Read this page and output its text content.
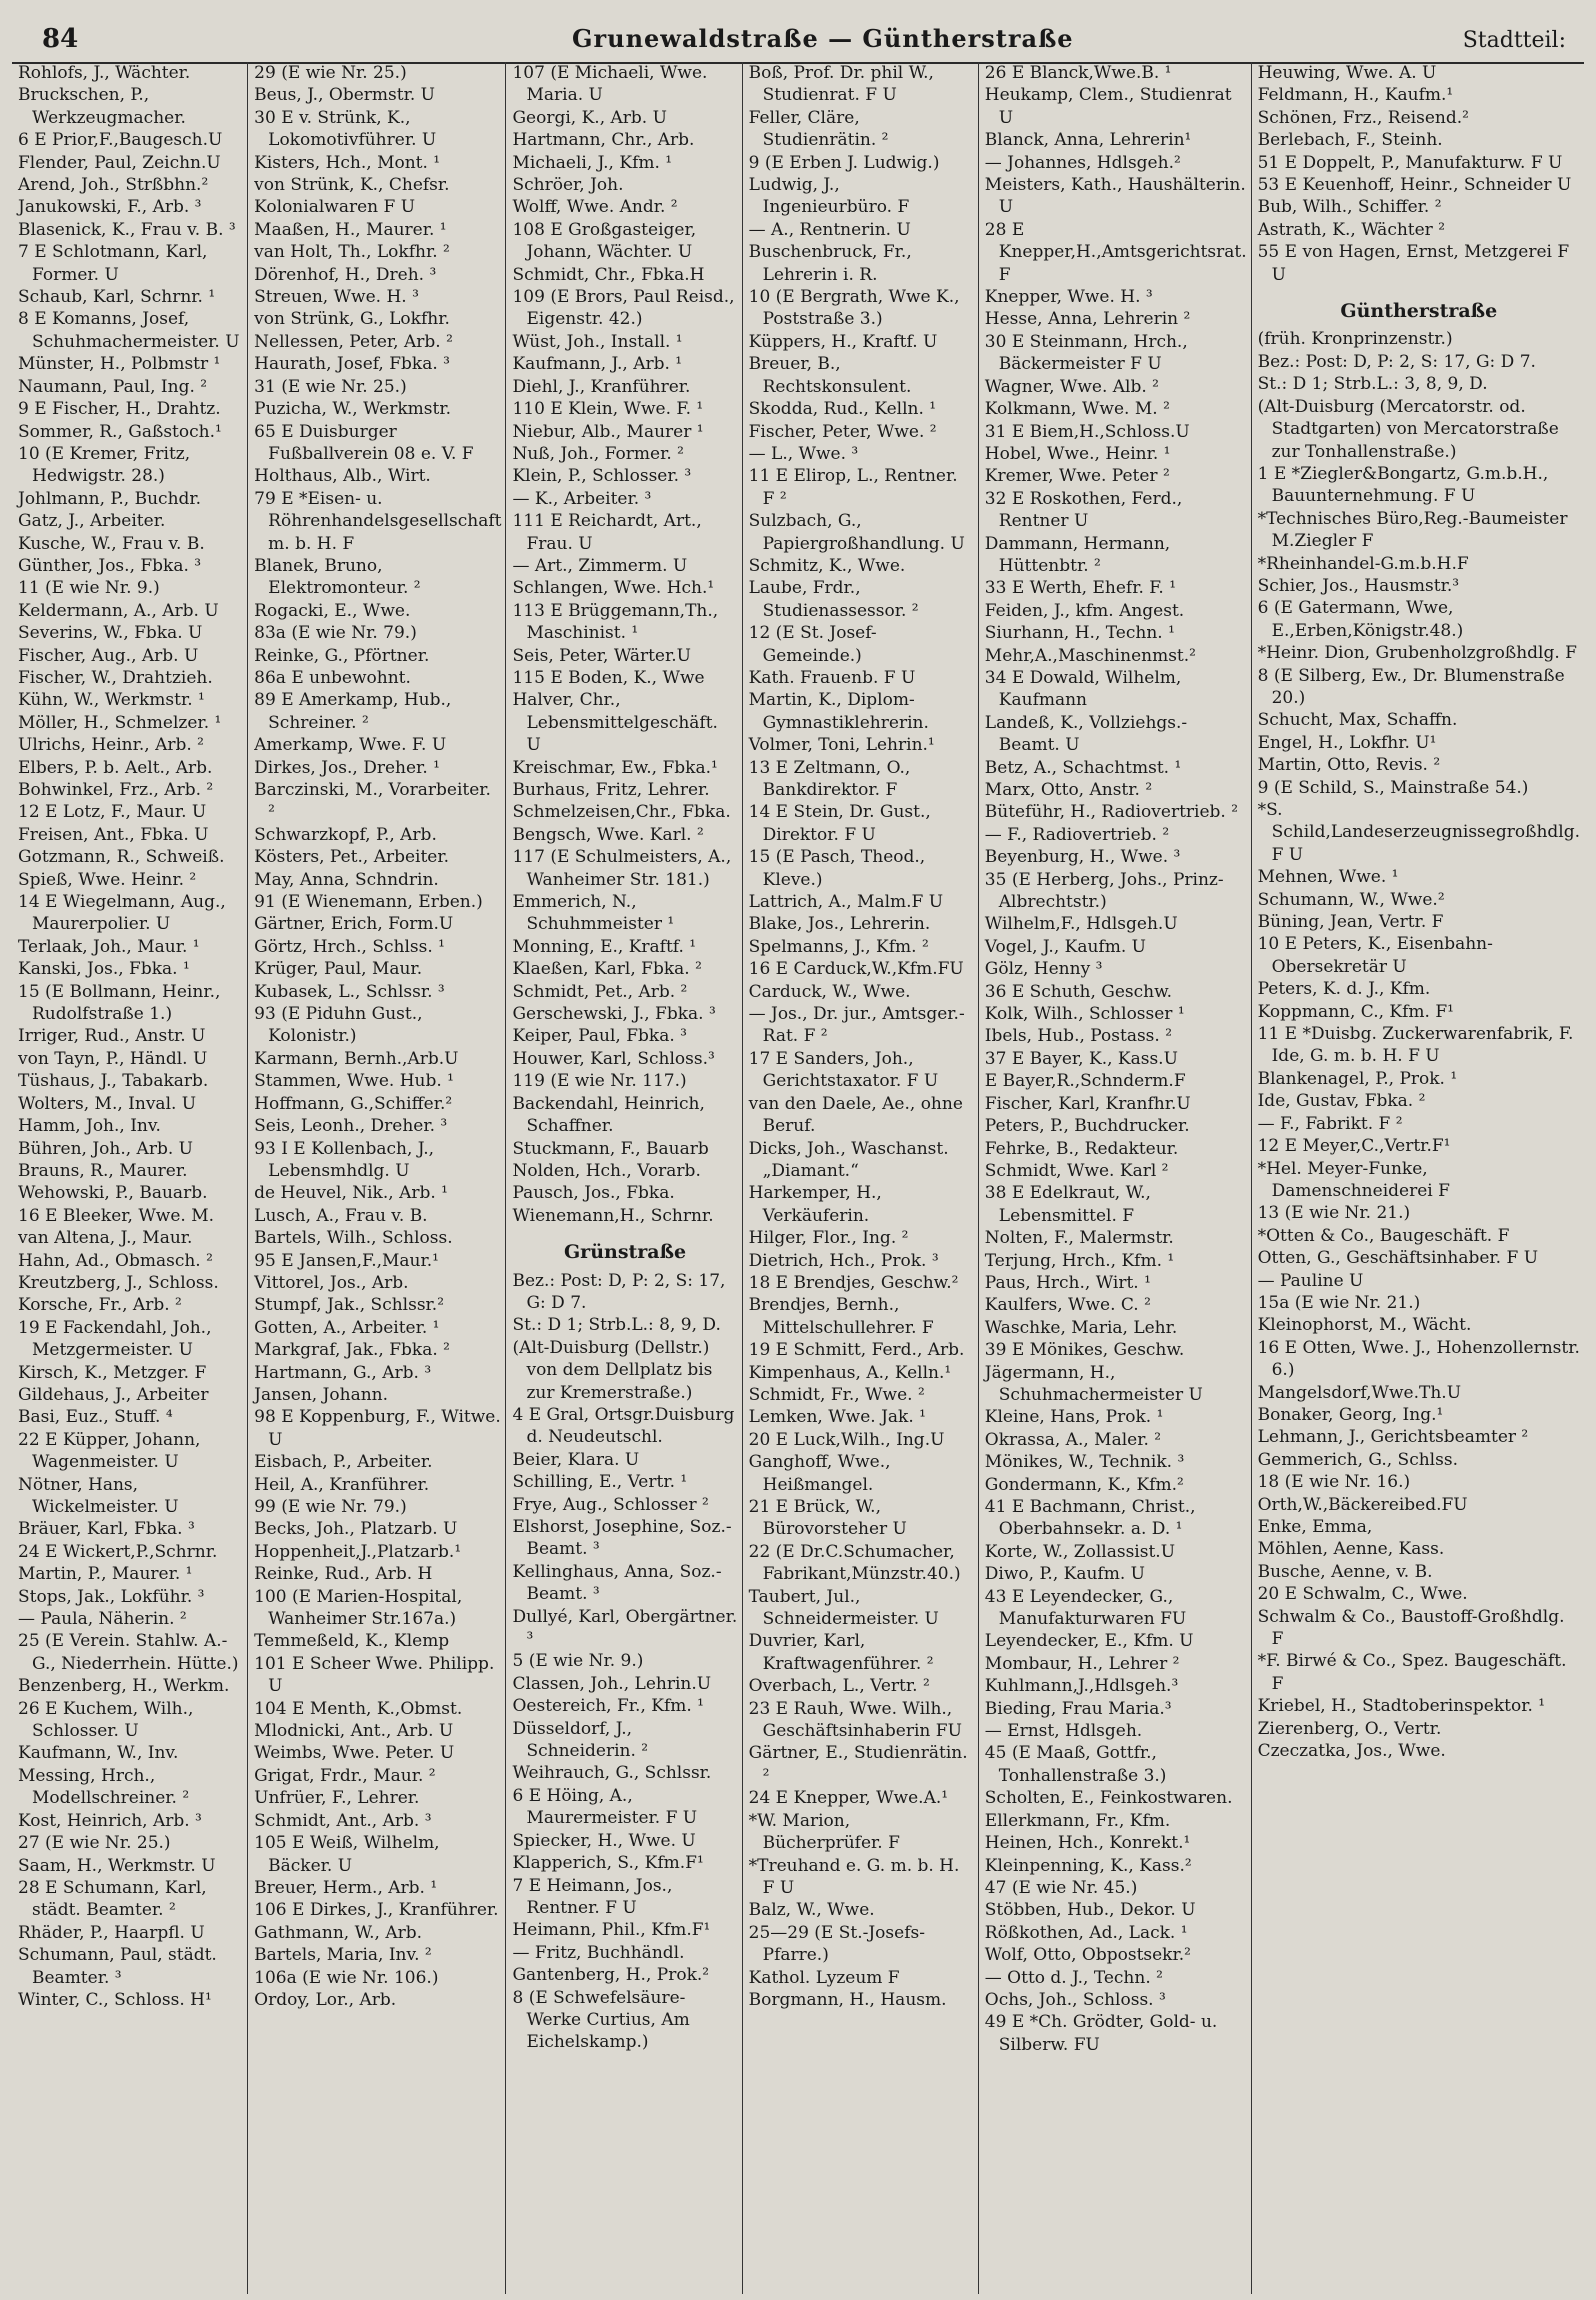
84	Grunewaldstraße — Güntherstraße	Stadtteil:

Rohlofs, J., Wächter.

Bruckschen, P., Werkzeugmacher.

6 E Prior,F.,Baugesch.U

Flender, Paul, Zeichn.U

Arend, Joh., Strßbhn.²

Janukowski, F., Arb. ³

Blasenick, K., Frau v. B. ³

7 E Schlotmann, Karl, Former. U

Schaub, Karl, Schrnr. ¹

8 E Komanns, Josef, Schuhmachermeister. U

Münster, H., Polbmstr ¹

Naumann, Paul, Ing. ²

9 E Fischer, H., Drahtz.

Sommer, R., Gaßstoch.¹

10 (E Kremer, Fritz, Hedwigstr. 28.)

Johlmann, P., Buchdr.

Gatz, J., Arbeiter.

Kusche, W., Frau v. B.

Günther, Jos., Fbka. ³

11 (E wie Nr. 9.)

Keldermann, A., Arb. U

Severins, W., Fbka. U

Fischer, Aug., Arb. U

Fischer, W., Drahtzieh.

Kühn, W., Werkmstr. ¹

Möller, H., Schmelzer. ¹

Ulrichs, Heinr., Arb. ²

Elbers, P. b. Aelt., Arb.

Bohwinkel, Frz., Arb. ²

12 E Lotz, F., Maur. U

Freisen, Ant., Fbka. U

Gotzmann, R., Schweiß.

Spieß, Wwe. Heinr. ²

14 E Wiegelmann, Aug., Maurerpolier. U

Terlaak, Joh., Maur. ¹

Kanski, Jos., Fbka. ¹

15 (E Bollmann, Heinr., Rudolfstraße 1.)

Irriger, Rud., Anstr. U

von Tayn, P., Händl. U

Tüshaus, J., Tabakarb.

Wolters, M., Inval. U

Hamm, Joh., Inv.

Bühren, Joh., Arb. U

Brauns, R., Maurer.

Wehowski, P., Bauarb.

16 E Bleeker, Wwe. M.

van Altena, J., Maur.

Hahn, Ad., Obmasch. ²

Kreutzberg, J., Schloss.

Korsche, Fr., Arb. ²

19 E Fackendahl, Joh., Metzgermeister. U

Kirsch, K., Metzger. F

Gildehaus, J., Arbeiter

Basi, Euz., Stuff. ⁴

22 E Küpper, Johann, Wagenmeister. U

Nötner, Hans, Wickelmeister. U

Bräuer, Karl, Fbka. ³

24 E Wickert,P.,Schrnr.

Martin, P., Maurer. ¹

Stops, Jak., Lokführ. ³

— Paula, Näherin. ²

25 (E Verein. Stahlw. A.-G., Niederrhein. Hütte.)

Benzenberg, H., Werkm.

26 E Kuchem, Wilh., Schlosser. U

Kaufmann, W., Inv.

Messing, Hrch., Modellschreiner. ²

Kost, Heinrich, Arb. ³

27 (E wie Nr. 25.)

Saam, H., Werkmstr. U

28 E Schumann, Karl, städt. Beamter. ²

Rhäder, P., Haarpfl. U

Schumann, Paul, städt. Beamter. ³

Winter, C., Schloss. H¹

29 (E wie Nr. 25.)

Beus, J., Obermstr. U

30 E v. Strünk, K., Lokomotivführer. U

Kisters, Hch., Mont. ¹

von Strünk, K., Chefsr.

Kolonialwaren F U

Maaßen, H., Maurer. ¹

van Holt, Th., Lokfhr. ²

Dörenhof, H., Dreh. ³

Streuen, Wwe. H. ³

von Strünk, G., Lokfhr.

Nellessen, Peter, Arb. ²

Haurath, Josef, Fbka. ³

31 (E wie Nr. 25.)

Puzicha, W., Werkmstr.

65 E Duisburger Fußballverein 08 e. V. F

Holthaus, Alb., Wirt.

79 E *Eisen- u. Röhrenhandelsgesellschaft m. b. H. F

Blanek, Bruno, Elektromonteur. ²

Rogacki, E., Wwe.

83a (E wie Nr. 79.)

Reinke, G., Pförtner.

86a E unbewohnt.

89 E Amerkamp, Hub., Schreiner. ²

Amerkamp, Wwe. F. U

Dirkes, Jos., Dreher. ¹

Barczinski, M., Vorarbeiter. ²

Schwarzkopf, P., Arb.

Kösters, Pet., Arbeiter.

May, Anna, Schndrin.

91 (E Wienemann, Erben.)

Gärtner, Erich, Form.U

Görtz, Hrch., Schlss. ¹

Krüger, Paul, Maur.

Kubasek, L., Schlssr. ³

93 (E Piduhn Gust., Kolonistr.)

Karmann, Bernh.,Arb.U

Stammen, Wwe. Hub. ¹

Hoffmann, G.,Schiffer.²

Seis, Leonh., Dreher. ³

93 I E Kollenbach, J., Lebensmhdlg. U

de Heuvel, Nik., Arb. ¹

Lusch, A., Frau v. B.

Bartels, Wilh., Schloss.

95 E Jansen,F.,Maur.¹

Vittorel, Jos., Arb.

Stumpf, Jak., Schlssr.²

Gotten, A., Arbeiter. ¹

Markgraf, Jak., Fbka. ²

Hartmann, G., Arb. ³

Jansen, Johann.

98 E Koppenburg, F., Witwe. U

Eisbach, P., Arbeiter.

Heil, A., Kranführer.

99 (E wie Nr. 79.)

Becks, Joh., Platzarb. U

Hoppenheit,J.,Platzarb.¹

Reinke, Rud., Arb. H

100 (E Marien-Hospital, Wanheimer Str.167a.)

Temmeßeld, K., Klemp

101 E Scheer Wwe. Philipp. U

104 E Menth, K.,Obmst.

Mlodnicki, Ant., Arb. U

Weimbs, Wwe. Peter. U

Grigat, Frdr., Maur. ²

Unfrüer, F., Lehrer.

Schmidt, Ant., Arb. ³

105 E Weiß, Wilhelm, Bäcker. U

Breuer, Herm., Arb. ¹

106 E Dirkes, J., Kranführer.

Gathmann, W., Arb.

Bartels, Maria, Inv. ²

106a (E wie Nr. 106.)

Ordoy, Lor., Arb.

107 (E Michaeli, Wwe. Maria. U

Georgi, K., Arb. U

Hartmann, Chr., Arb.

Michaeli, J., Kfm. ¹

Schröer, Joh.

Wolff, Wwe. Andr. ²

108 E Großgasteiger, Johann, Wächter. U

Schmidt, Chr., Fbka.H

109 (E Brors, Paul Reisd., Eigenstr. 42.)

Wüst, Joh., Install. ¹

Kaufmann, J., Arb. ¹

Diehl, J., Kranführer.

110 E Klein, Wwe. F. ¹

Niebur, Alb., Maurer ¹

Nuß, Joh., Former. ²

Klein, P., Schlosser. ³

— K., Arbeiter. ³

111 E Reichardt, Art., Frau. U

— Art., Zimmerm. U

Schlangen, Wwe. Hch.¹

113 E Brüggemann,Th., Maschinist. ¹

Seis, Peter, Wärter.U

115 E Boden, K., Wwe

Halver, Chr., Lebensmittelgeschäft. U

Kreischmar, Ew., Fbka.¹

Burhaus, Fritz, Lehrer.

Schmelzeisen,Chr., Fbka.

Bengsch, Wwe. Karl. ²

117 (E Schulmeisters, A., Wanheimer Str. 181.)

Emmerich, N., Schuhmmeister ¹

Monning, E., Kraftf. ¹

Klaeßen, Karl, Fbka. ²

Schmidt, Pet., Arb. ²

Gerschewski, J., Fbka. ³

Keiper, Paul, Fbka. ³

Houwer, Karl, Schloss.³

119 (E wie Nr. 117.)

Backendahl, Heinrich, Schaffner.

Stuckmann, F., Bauarb

Nolden, Hch., Vorarb.

Pausch, Jos., Fbka.

Wienemann,H., Schrnr.

Grünstraße

Bez.: Post: D, P: 2, S: 17, G: D 7.

St.: D 1; Strb.L.: 8, 9, D.

(Alt-Duisburg (Dellstr.) von dem Dellplatz bis zur Kremerstraße.)

4 E Gral, Ortsgr.Duisburg d. Neudeutschl.

Beier, Klara. U

Schilling, E., Vertr. ¹

Frye, Aug., Schlosser ²

Elshorst, Josephine, Soz.-Beamt. ³

Kellinghaus, Anna, Soz.-Beamt. ³

Dullyé, Karl, Obergärtner. ³

5 (E wie Nr. 9.)

Classen, Joh., Lehrin.U

Oestereich, Fr., Kfm. ¹

Düsseldorf, J., Schneiderin. ²

Weihrauch, G., Schlssr.

6 E Höing, A., Maurermeister. F U

Spiecker, H., Wwe. U

Klapperich, S., Kfm.F¹

7 E Heimann, Jos., Rentner. F U

Heimann, Phil., Kfm.F¹

— Fritz, Buchhändl.

Gantenberg, H., Prok.²

8 (E Schwefelsäure-Werke Curtius, Am Eichelskamp.)

Boß, Prof. Dr. phil W., Studienrat. F U

Feller, Cläre, Studienrätin. ²

9 (E Erben J. Ludwig.)

Ludwig, J., Ingenieurbüro. F

— A., Rentnerin. U

Buschenbruck, Fr., Lehrerin i. R.

10 (E Bergrath, Wwe K., Poststraße 3.)

Küppers, H., Kraftf. U

Breuer, B., Rechtskonsulent.

Skodda, Rud., Kelln. ¹

Fischer, Peter, Wwe. ²

— L., Wwe. ³

11 E Elirop, L., Rentner. F ²

Sulzbach, G., Papiergroßhandlung. U

Schmitz, K., Wwe.

Laube, Frdr., Studienassessor. ²

12 (E St. Josef-Gemeinde.)

Kath. Frauenb. F U

Martin, K., Diplom-Gymnastiklehrerin.

Volmer, Toni, Lehrin.¹

13 E Zeltmann, O., Bankdirektor. F

14 E Stein, Dr. Gust., Direktor. F U

15 (E Pasch, Theod., Kleve.)

Lattrich, A., Malm.F U

Blake, Jos., Lehrerin.

Spelmanns, J., Kfm. ²

16 E Carduck,W.,Kfm.FU

Carduck, W., Wwe.

— Jos., Dr. jur., Amtsger.-Rat. F ²

17 E Sanders, Joh., Gerichtstaxator. F U

van den Daele, Ae., ohne Beruf.

Dicks, Joh., Waschanst. „Diamant.“

Harkemper, H., Verkäuferin.

Hilger, Flor., Ing. ²

Dietrich, Hch., Prok. ³

18 E Brendjes, Geschw.²

Brendjes, Bernh., Mittelschullehrer. F

19 E Schmitt, Ferd., Arb.

Kimpenhaus, A., Kelln.¹

Schmidt, Fr., Wwe. ²

Lemken, Wwe. Jak. ¹

20 E Luck,Wilh., Ing.U

Ganghoff, Wwe., Heißmangel.

21 E Brück, W., Bürovorsteher U

22 (E Dr.C.Schumacher, Fabrikant,Münzstr.40.)

Taubert, Jul., Schneidermeister. U

Duvrier, Karl, Kraftwagenführer. ²

Overbach, L., Vertr. ²

23 E Rauh, Wwe. Wilh., Geschäftsinhaberin FU

Gärtner, E., Studienrätin. ²

24 E Knepper, Wwe.A.¹

*W. Marion, Bücherprüfer. F

*Treuhand e. G. m. b. H. F U

Balz, W., Wwe.

25—29 (E St.-Josefs-Pfarre.)

Kathol. Lyzeum F

Borgmann, H., Hausm.

26 E Blanck,Wwe.B. ¹

Heukamp, Clem., Studienrat U

Blanck, Anna, Lehrerin¹

— Johannes, Hdlsgeh.²

Meisters, Kath., Haushälterin. U

28 E Knepper,H.,Amtsgerichtsrat. F

Knepper, Wwe. H. ³

Hesse, Anna, Lehrerin ²

30 E Steinmann, Hrch., Bäckermeister F U

Wagner, Wwe. Alb. ²

Kolkmann, Wwe. M. ²

31 E Biem,H.,Schloss.U

Hobel, Wwe., Heinr. ¹

Kremer, Wwe. Peter ²

32 E Roskothen, Ferd., Rentner U

Dammann, Hermann, Hüttenbtr. ²

33 E Werth, Ehefr. F. ¹

Feiden, J., kfm. Angest.

Siurhann, H., Techn. ¹

Mehr,A.,Maschinenmst.²

34 E Dowald, Wilhelm, Kaufmann

Landeß, K., Vollziehgs.-Beamt. U

Betz, A., Schachtmst. ¹

Marx, Otto, Anstr. ²

Büteführ, H., Radiovertrieb. ²

— F., Radiovertrieb. ²

Beyenburg, H., Wwe. ³

35 (E Herberg, Johs., Prinz-Albrechtstr.)

Wilhelm,F., Hdlsgeh.U

Vogel, J., Kaufm. U

Gölz, Henny ³

36 E Schuth, Geschw.

Kolk, Wilh., Schlosser ¹

Ibels, Hub., Postass. ²

37 E Bayer, K., Kass.U

E Bayer,R.,Schnderm.F

Fischer, Karl, Kranfhr.U

Peters, P., Buchdrucker.

Fehrke, B., Redakteur.

Schmidt, Wwe. Karl ²

38 E Edelkraut, W., Lebensmittel. F

Nolten, F., Malermstr.

Terjung, Hrch., Kfm. ¹

Paus, Hrch., Wirt. ¹

Kaulfers, Wwe. C. ²

Waschke, Maria, Lehr.

39 E Mönikes, Geschw.

Jägermann, H., Schuhmachermeister U

Kleine, Hans, Prok. ¹

Okrassa, A., Maler. ²

Mönikes, W., Technik. ³

Gondermann, K., Kfm.²

41 E Bachmann, Christ., Oberbahnsekr. a. D. ¹

Korte, W., Zollassist.U

Diwo, P., Kaufm. U

43 E Leyendecker, G., Manufakturwaren FU

Leyendecker, E., Kfm. U

Mombaur, H., Lehrer ²

Kuhlmann,J.,Hdlsgeh.³

Bieding, Frau Maria.³

— Ernst, Hdlsgeh.

45 (E Maaß, Gottfr., Tonhallenstraße 3.)

Scholten, E., Feinkostwaren.

Ellerkmann, Fr., Kfm.

Heinen, Hch., Konrekt.¹

Kleinpenning, K., Kass.²

47 (E wie Nr. 45.)

Stöbben, Hub., Dekor. U

Rößkothen, Ad., Lack. ¹

Wolf, Otto, Obpostsekr.²

— Otto d. J., Techn. ²

Ochs, Joh., Schloss. ³

49 E *Ch. Grödter, Gold- u. Silberw. FU

Heuwing, Wwe. A. U

Feldmann, H., Kaufm.¹

Schönen, Frz., Reisend.²

Berlebach, F., Steinh.

51 E Doppelt, P., Manufakturw. F U

53 E Keuenhoff, Heinr., Schneider U

Bub, Wilh., Schiffer. ²

Astrath, K., Wächter ²

55 E von Hagen, Ernst, Metzgerei F U

Güntherstraße

(früh. Kronprinzenstr.)

Bez.: Post: D, P: 2, S: 17, G: D 7.

St.: D 1; Strb.L.: 3, 8, 9, D.

(Alt-Duisburg (Mercatorstr. od. Stadtgarten) von Mercatorstraße zur Tonhallenstraße.)

1 E *Ziegler&Bongartz, G.m.b.H., Bauunternehmung. F U

*Technisches Büro,Reg.-Baumeister M.Ziegler F

*Rheinhandel-G.m.b.H.F

Schier, Jos., Hausmstr.³

6 (E Gatermann, Wwe, E.,Erben,Königstr.48.)

*Heinr. Dion, Grubenholzgroßhdlg. F

8 (E Silberg, Ew., Dr. Blumenstraße 20.)

Schucht, Max, Schaffn.

Engel, H., Lokfhr. U¹

Martin, Otto, Revis. ²

9 (E Schild, S., Mainstraße 54.)

*S. Schild,Landeserzeugnissegroßhdlg. F U

Mehnen, Wwe. ¹

Schumann, W., Wwe.²

Büning, Jean, Vertr. F

10 E Peters, K., Eisenbahn-Obersekretär U

Peters, K. d. J., Kfm.

Koppmann, C., Kfm. F¹

11 E *Duisbg. Zuckerwarenfabrik, F. Ide, G. m. b. H. F U

Blankenagel, P., Prok. ¹

Ide, Gustav, Fbka. ²

— F., Fabrikt. F ²

12 E Meyer,C.,Vertr.F¹

*Hel. Meyer-Funke, Damenschneiderei F

13 (E wie Nr. 21.)

*Otten & Co., Baugeschäft. F

Otten, G., Geschäftsinhaber. F U

— Pauline U

15a (E wie Nr. 21.)

Kleinophorst, M., Wächt.

16 E Otten, Wwe. J., Hohenzollernstr. 6.)

Mangelsdorf,Wwe.Th.U

Bonaker, Georg, Ing.¹

Lehmann, J., Gerichtsbeamter ²

Gemmerich, G., Schlss.

18 (E wie Nr. 16.)

Orth,W.,Bäckereibed.FU

Enke, Emma,

Möhlen, Aenne, Kass.

Busche, Aenne, v. B.

20 E Schwalm, C., Wwe.

Schwalm & Co., Baustoff-Großhdlg. F

*F. Birwé & Co., Spez. Baugeschäft. F

Kriebel, H., Stadtoberinspektor. ¹

Zierenberg, O., Vertr.

Czeczatka, Jos., Wwe.
